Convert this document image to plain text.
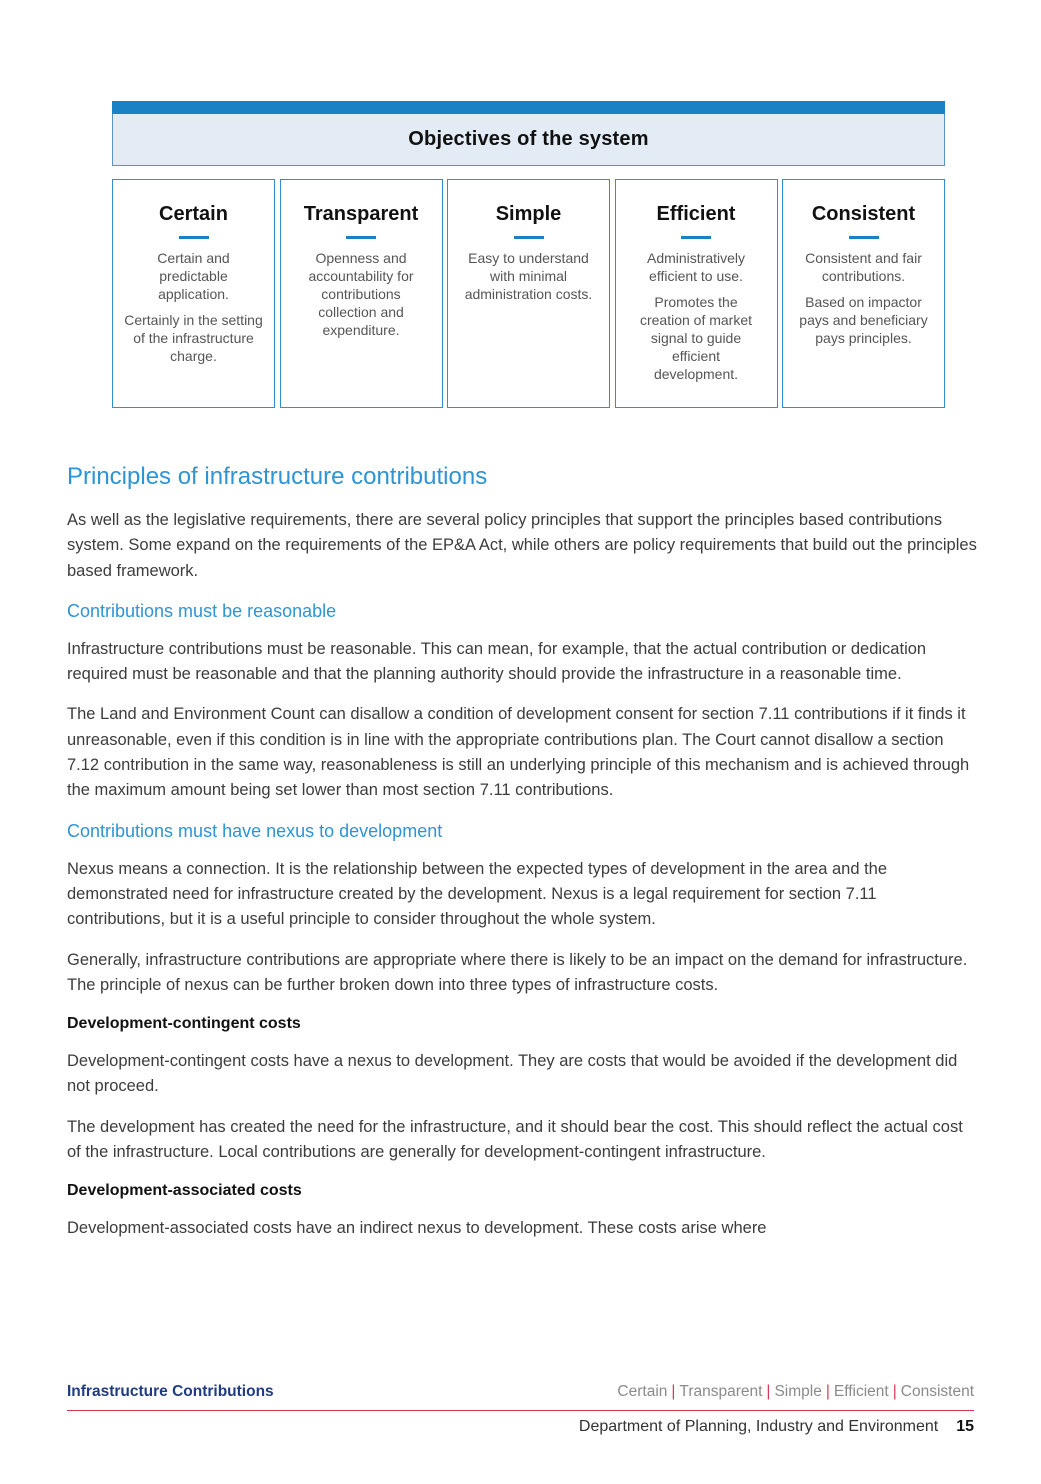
Objectives of the system
Certain

Certain and predictable application.

Certainly in the setting of the infrastructure charge.

Transparent

Openness and accountability for contributions collection and expenditure.

Simple

Easy to understand with minimal administration costs.

Efficient

Administratively efficient to use.

Promotes the creation of market signal to guide efficient development.

Consistent

Consistent and fair contributions.

Based on impactor pays and beneficiary pays principles.

Principles of infrastructure contributions

As well as the legislative requirements, there are several policy principles that support the principles based contributions system. Some expand on the requirements of the EP&A Act, while others are policy requirements that build out the principles based framework.

Contributions must be reasonable

Infrastructure contributions must be reasonable. This can mean, for example, that the actual contribution or dedication required must be reasonable and that the planning authority should provide the infrastructure in a reasonable time.

The Land and Environment Count can disallow a condition of development consent for section 7.11 contributions if it finds it unreasonable, even if this condition is in line with the appropriate contributions plan. The Court cannot disallow a section 7.12 contribution in the same way, reasonableness is still an underlying principle of this mechanism and is achieved through the maximum amount being set lower than most section 7.11 contributions.

Contributions must have nexus to development

Nexus means a connection. It is the relationship between the expected types of development in the area and the demonstrated need for infrastructure created by the development. Nexus is a legal requirement for section 7.11 contributions, but it is a useful principle to consider throughout the whole system.

Generally, infrastructure contributions are appropriate where there is likely to be an impact on the demand for infrastructure. The principle of nexus can be further broken down into three types of infrastructure costs.

Development-contingent costs

Development-contingent costs have a nexus to development. They are costs that would be avoided if the development did not proceed.

The development has created the need for the infrastructure, and it should bear the cost. This should reflect the actual cost of the infrastructure. Local contributions are generally for development-contingent infrastructure.

Development-associated costs

Development-associated costs have an indirect nexus to development. These costs arise where

Infrastructure Contributions	Certain | Transparent | Simple | Efficient | Consistent
Department of Planning, Industry and Environment 15
